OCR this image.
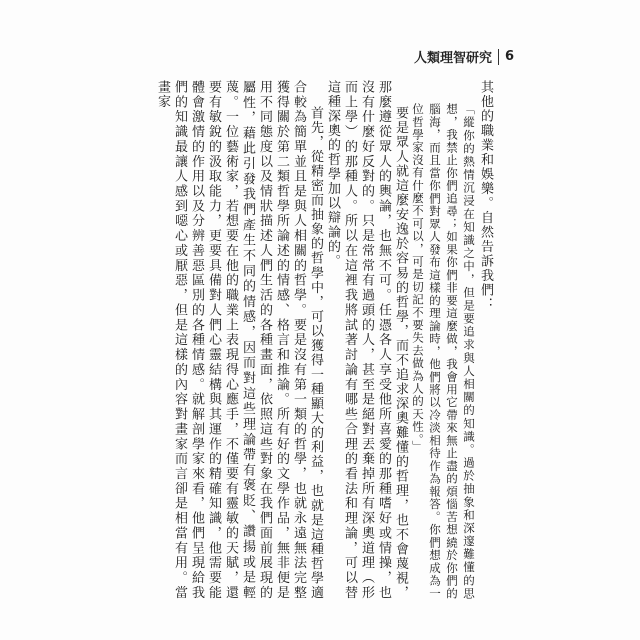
人類理智研究 6

其他的職業和娛樂。自然告訴我們：

「縱你的熱情沉浸在知識之中，但是要追求與人相關的知識。過於抽象和深邃難懂的思想，我禁止你們追尋；如果你們非要這麼做，我會用它帶來無止盡的煩惱苦想繞於你們的腦海，而且當你們對眾人發布這樣的理論時，他們將以冷淡相待作為報答。你們想成為一位哲學家沒有什麼不可以，可是切記不要失去做為人的天性。」

要是眾人就這麼安逸於容易的哲學，而不追求深奧難懂的哲理，也不會蔑視，那麼遵從眾人的輿論，也無不可。任憑各人享受他所喜愛的那種嗜好或情操，也沒有什麼好反對的。只是常常有過頭的人，甚至是絕對丟棄掉所有深奧道理（形而上學）的那種人。所以在這裡我將試著討論有哪些合理的看法和理論，可以替這種深奧的哲學加以辯論的。

首先，從精密而抽象的哲學中，可以獲得一種顯大的利益，也就是這種哲學適合較為簡單並且是與人相關的哲學。要是沒有第一類的哲學，也就永遠無法完整獲得關於第二類哲學所論述的情感、格言和推論。所有好的文學作品，無非便是用不同態度以及情狀描述人們生活的各種畫面，依照這些對象在我們面前展現的屬性，藉此引發我們產生不同的情感，因而對這些理論帶有褒貶、讚揚或是輕蔑。一位藝術家，若想要在他的職業上表現得心應手，不僅要有靈敏的天賦，還要有敏銳的汲取能力，更要具備對人們心靈結構與其運作的精確知識，他需要能體會激情的作用以及分辨善惡區別的各種情感。就解剖學家來看，他們呈現給我們的知識最讓人感到噁心或厭惡，但是這樣的內容對畫家而言卻是相當有用。當畫家
